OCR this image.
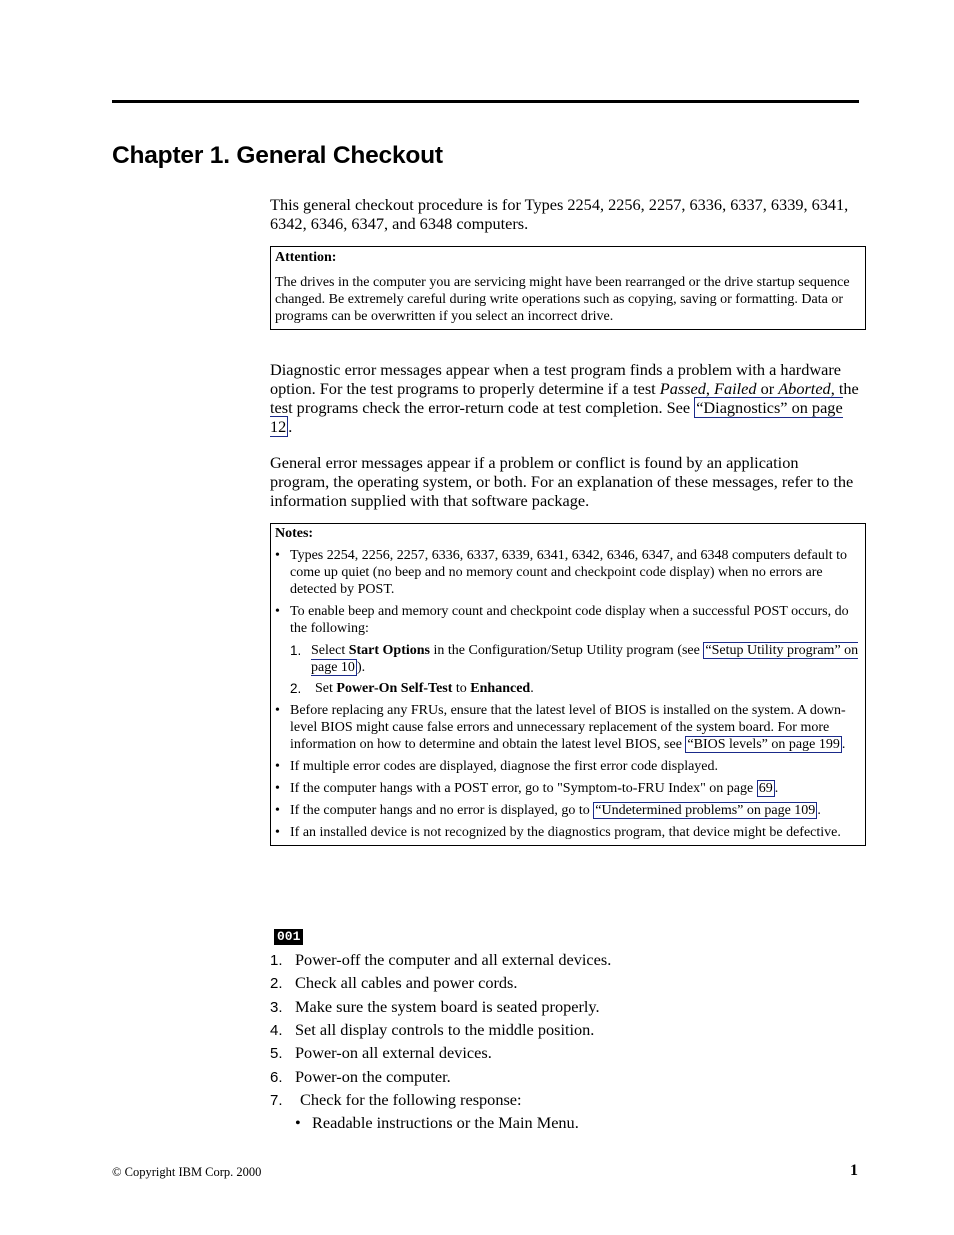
Chapter 1. General Checkout

This general checkout procedure is for Types 2254, 2256, 2257, 6336, 6337, 6339, 6341, 6342, 6346, 6347, and 6348 computers.

Attention:

The drives in the computer you are servicing might have been rearranged or the drive startup sequence changed. Be extremely careful during write operations such as copying, saving or formatting. Data or programs can be overwritten if you select an incorrect drive.

Diagnostic error messages appear when a test program finds a problem with a hardware option. For the test programs to properly determine if a test Passed, Failed or Aborted, the test programs check the error-return code at test completion. See “Diagnostics” on page 12 .

General error messages appear if a problem or conflict is found by an application program, the operating system, or both. For an explanation of these messages, refer to the information supplied with that software package.

Notes:

• Types 2254, 2256, 2257, 6336, 6337, 6339, 6341, 6342, 6346, 6347, and 6348 computers default to come up quiet (no beep and no memory count and checkpoint code display) when no errors are detected by POST.

• To enable beep and memory count and checkpoint code display when a successful POST occurs, do the following:

1. Select Start Options in the Configuration/Setup Utility program (see “Setup Utility program” on page 10 ).

2. Set Power-On Self-Test to Enhanced.

• Before replacing any FRUs, ensure that the latest level of BIOS is installed on the system. A down-level BIOS might cause false errors and unnecessary replacement of the system board. For more information on how to determine and obtain the latest level BIOS, see “BIOS levels” on page 199 .

• If multiple error codes are displayed, diagnose the first error code displayed.

• If the computer hangs with a POST error, go to "Symptom-to-FRU Index" on page 69 .

• If the computer hangs and no error is displayed, go to “Undetermined problems” on page 109 .

• If an installed device is not recognized by the diagnostics program, that device might be defective.

001
1. Power-off the computer and all external devices.
2. Check all cables and power cords.
3. Make sure the system board is seated properly.
4. Set all display controls to the middle position.
5. Power-on all external devices.
6. Power-on the computer.
7. Check for the following response:
• Readable instructions or the Main Menu.
© Copyright IBM Corp. 2000	1
